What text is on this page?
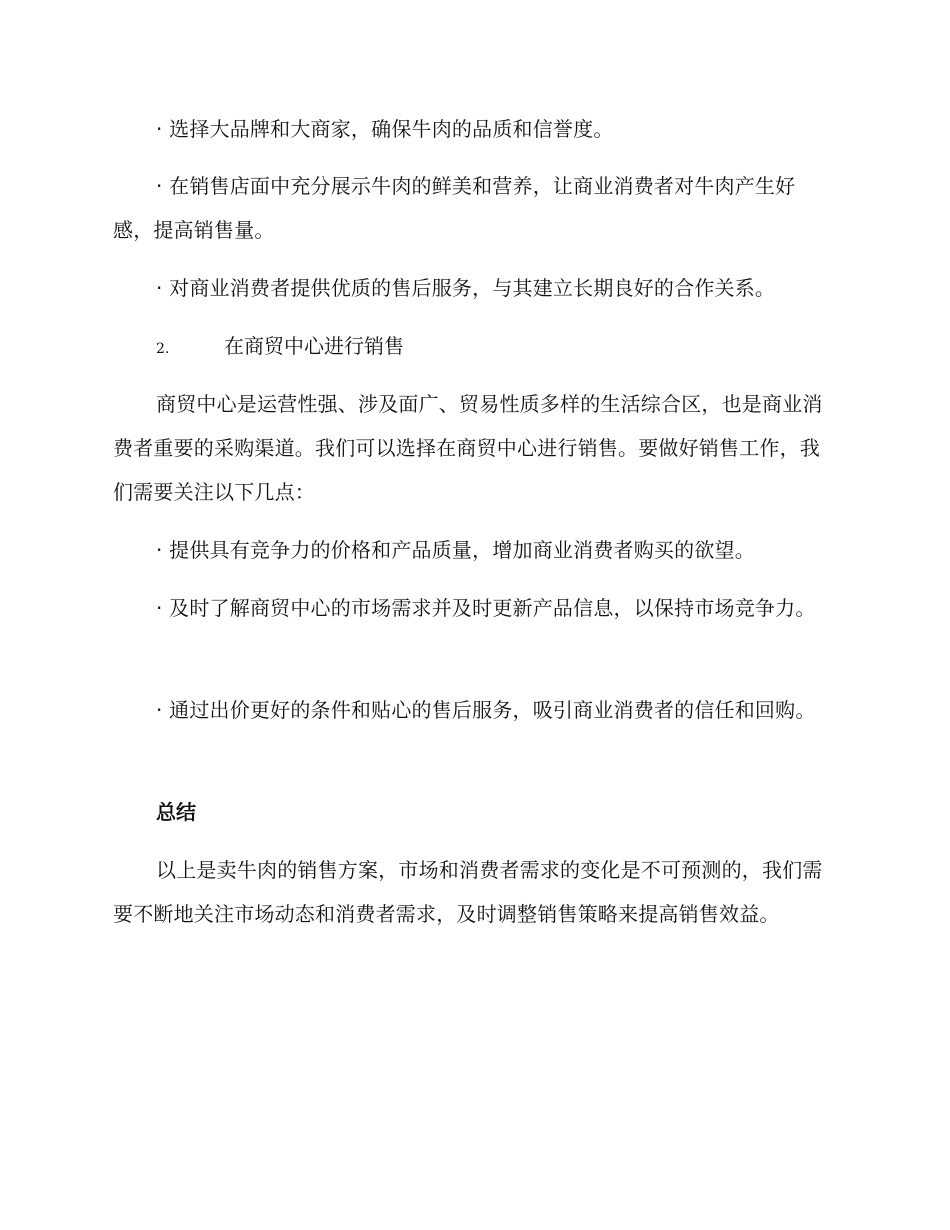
· 选择大品牌和大商家，确保牛肉的品质和信誉度。

· 在销售店面中充分展示牛肉的鲜美和营养，让商业消费者对牛肉产生好感，提高销售量。

· 对商业消费者提供优质的售后服务，与其建立长期良好的合作关系。

2.	在商贸中心进行销售

商贸中心是运营性强、涉及面广、贸易性质多样的生活综合区，也是商业消费者重要的采购渠道。我们可以选择在商贸中心进行销售。要做好销售工作，我们需要关注以下几点：

· 提供具有竞争力的价格和产品质量，增加商业消费者购买的欲望。

· 及时了解商贸中心的市场需求并及时更新产品信息，以保持市场竞争力。

· 通过出价更好的条件和贴心的售后服务，吸引商业消费者的信任和回购。

总结

以上是卖牛肉的销售方案，市场和消费者需求的变化是不可预测的，我们需要不断地关注市场动态和消费者需求，及时调整销售策略来提高销售效益。
